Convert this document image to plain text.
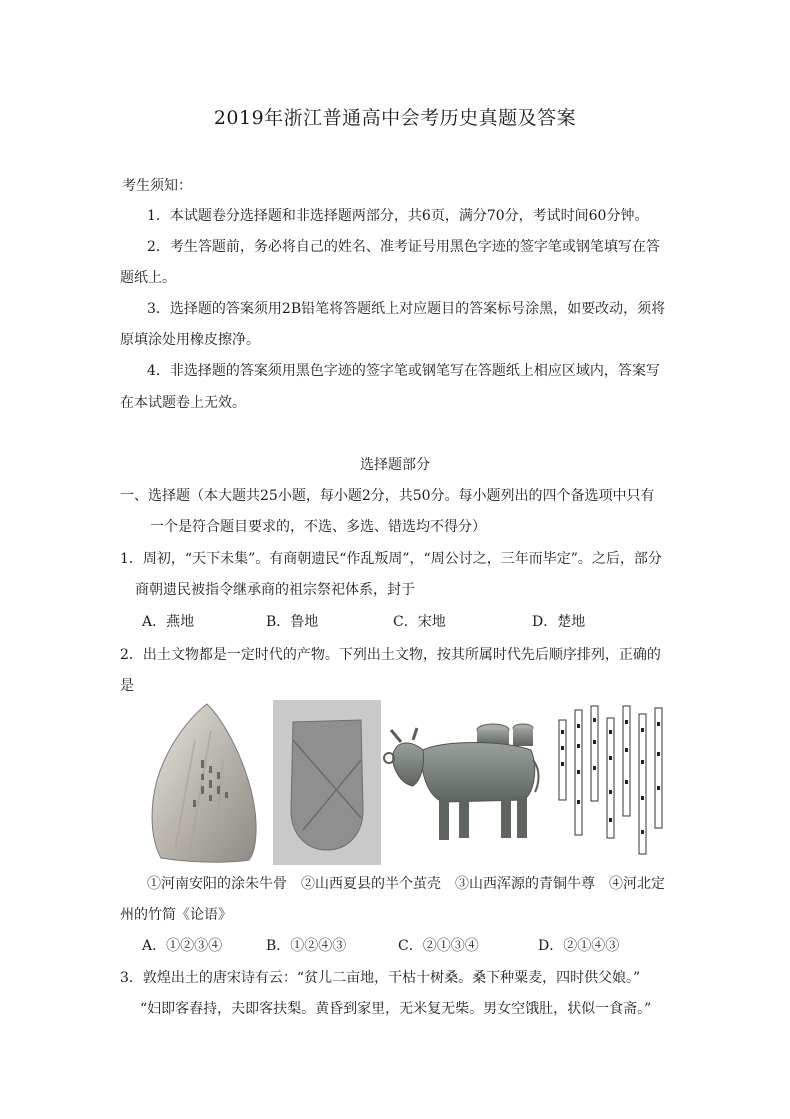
2019年浙江普通高中会考历史真题及答案
考生须知：
1．本试题卷分选择题和非选择题两部分，共6页，满分70分，考试时间60分钟。
2．考生答题前，务必将自己的姓名、准考证号用黑色字迹的签字笔或钢笔填写在答
题纸上。
3．选择题的答案须用2B铅笔将答题纸上对应题目的答案标号涂黑，如要改动，须将
原填涂处用橡皮擦净。
4．非选择题的答案须用黑色字迹的签字笔或钢笔写在答题纸上相应区域内，答案写
在本试题卷上无效。
选择题部分
一、选择题（本大题共25小题，每小题2分，共50分。每小题列出的四个备选项中只有
一个是符合题目要求的，不选、多选、错选均不得分）
1．周初，“天下未集”。有商朝遗民“作乱叛周”，“周公讨之，三年而毕定”。之后，部分
商朝遗民被指令继承商的祖宗祭祀体系，封于
A．燕地	B．鲁地	C．宋地	D．楚地
2．出土文物都是一定时代的产物。下列出土文物，按其所属时代先后顺序排列，正确的
是
①河南安阳的涂朱牛骨　②山西夏县的半个茧壳　③山西浑源的青铜牛尊　④河北定
州的竹简《论语》
A．①②③④	B．①②④③	C．②①③④	D．②①④③
3．敦煌出土的唐宋诗有云：“贫儿二亩地，干枯十树桑。桑下种粟麦，四时供父娘。”
“妇即客舂持，夫即客扶梨。黄昏到家里，无米复无柴。男女空饿肚，状似一食斋。”
